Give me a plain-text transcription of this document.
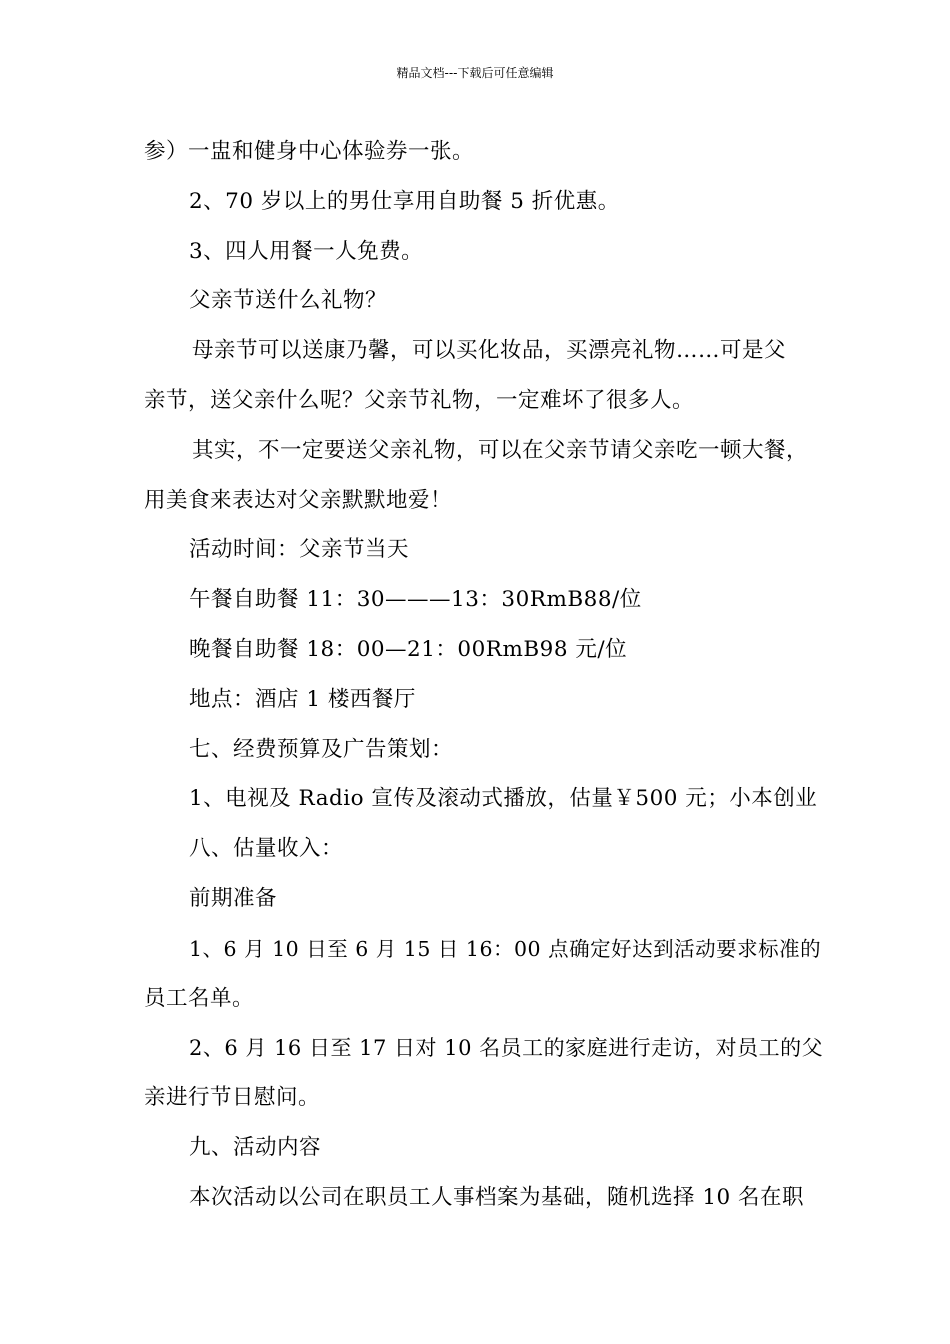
精品文档---下载后可任意编辑
参）一盅和健身中心体验券一张。
2、70 岁以上的男仕享用自助餐 5 折优惠。
3、四人用餐一人免费。
父亲节送什么礼物？
母亲节可以送康乃馨，可以买化妆品，买漂亮礼物……可是父
亲节，送父亲什么呢？父亲节礼物，一定难坏了很多人。
其实，不一定要送父亲礼物，可以在父亲节请父亲吃一顿大餐，
用美食来表达对父亲默默地爱！
活动时间：父亲节当天
午餐自助餐 11：30———13：30RmB88/位
晚餐自助餐 18：00—21：00RmB98 元/位
地点：酒店 1 楼西餐厅
七、经费预算及广告策划：
1、电视及 Radio 宣传及滚动式播放，估量￥500 元；小本创业
八、估量收入：
前期准备
1、6 月 10 日至 6 月 15 日 16：00 点确定好达到活动要求标准的
员工名单。
2、6 月 16 日至 17 日对 10 名员工的家庭进行走访，对员工的父
亲进行节日慰问。
九、活动内容
本次活动以公司在职员工人事档案为基础，随机选择 10 名在职
